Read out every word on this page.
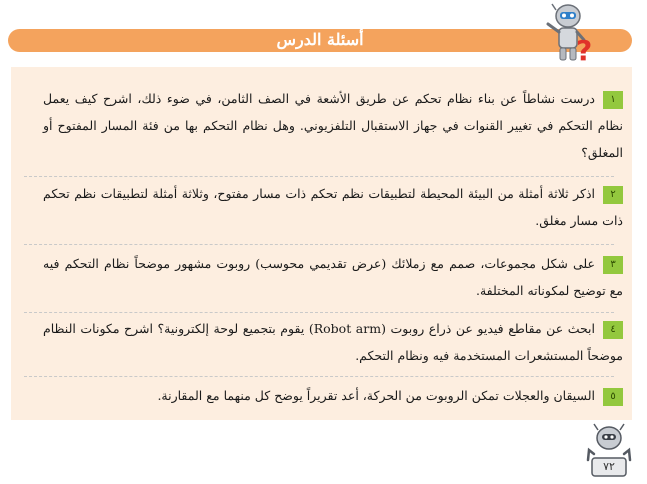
أسئلة الدرس	?
١درست نشاطاً عن بناء نظام تحكم عن طريق الأشعة في الصف الثامن، في ضوء ذلك، اشرح كيف يعمل نظام التحكم في تغيير القنوات في جهاز الاستقبال التلفزيوني. وهل نظام التحكم بها من فئة المسار المفتوح أو المغلق؟
٢اذكر ثلاثة أمثلة من البيئة المحيطة لتطبيقات نظم تحكم ذات مسار مفتوح، وثلاثة أمثلة لتطبيقات نظم تحكم ذات مسار مغلق.
٣على شكل مجموعات، صمم مع زملائك (عرض تقديمي محوسب) روبوت مشهور موضحاً نظام التحكم فيه مع توضيح لمكوناته المختلفة.
٤ابحث عن مقاطع فيديو عن ذراع روبوت (Robot arm) يقوم بتجميع لوحة إلكترونية؟ اشرح مكونات النظام موضحاً المستشعرات المستخدمة فيه ونظام التحكم.
٥السيقان والعجلات تمكن الروبوت من الحركة، أعد تقريراً يوضح كل منهما مع المقارنة.
٧٢
